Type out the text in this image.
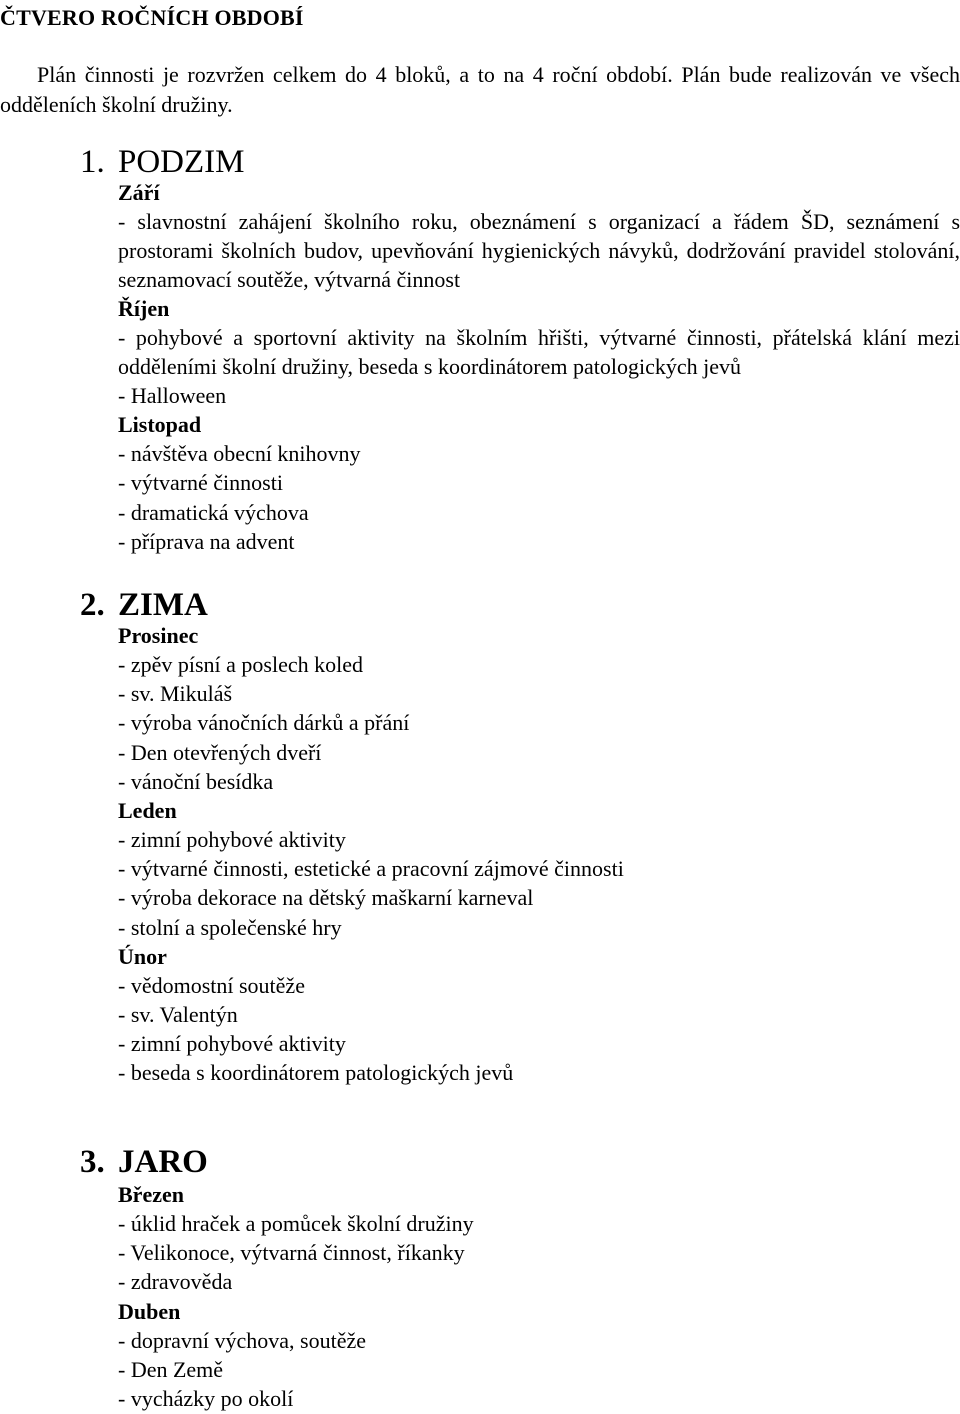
ČTVERO ROČNÍCH OBDOBÍ

Plán činnosti je rozvržen celkem do 4 bloků, a to na 4 roční období. Plán bude realizován ve všech odděleních školní družiny.

1. PODZIM
Září

- slavnostní zahájení školního roku, obeznámení s organizací a řádem ŠD, seznámení s prostorami školních budov, upevňování hygienických návyků, dodržování pravidel stolování, seznamovací soutěže, výtvarná činnost

Říjen

- pohybové a sportovní aktivity na školním hřišti, výtvarné činnosti, přátelská klání mezi odděleními školní družiny, beseda s koordinátorem patologických jevů

- Halloween

Listopad

- návštěva obecní knihovny

- výtvarné činnosti

- dramatická výchova

- příprava na advent

2. ZIMA
Prosinec

- zpěv písní a poslech koled

- sv. Mikuláš

- výroba vánočních dárků a přání

- Den otevřených dveří

- vánoční besídka

Leden

- zimní pohybové aktivity

- výtvarné činnosti, estetické a pracovní zájmové činnosti

- výroba dekorace na dětský maškarní karneval

- stolní a společenské hry

Únor

- vědomostní soutěže

- sv. Valentýn

- zimní pohybové aktivity

- beseda s koordinátorem patologických jevů

3. JARO
Březen

- úklid hraček a pomůcek školní družiny

- Velikonoce, výtvarná činnost, říkanky

- zdravověda

Duben

- dopravní výchova, soutěže

- Den Země

- vycházky po okolí
